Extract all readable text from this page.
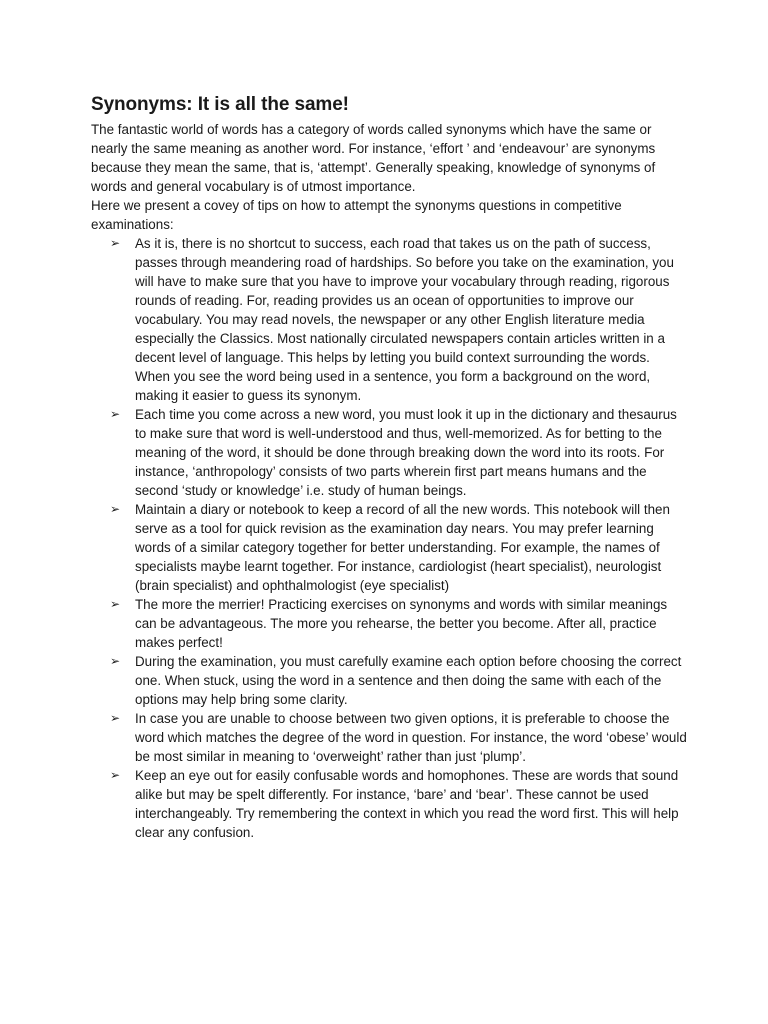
Synonyms: It is all the same!

The fantastic world of words has a category of words called synonyms which have the same or nearly the same meaning as another word. For instance, ‘effort ’ and ‘endeavour’ are synonyms because they mean the same, that is, ‘attempt’. Generally speaking, knowledge of synonyms of words and general vocabulary is of utmost importance.

Here we present a covey of tips on how to attempt the synonyms questions in competitive examinations:

➢ As it is, there is no shortcut to success, each road that takes us on the path of success, passes through meandering road of hardships. So before you take on the examination, you will have to make sure that you have to improve your vocabulary through reading, rigorous rounds of reading. For, reading provides us an ocean of opportunities to improve our vocabulary. You may read novels, the newspaper or any other English literature media especially the Classics. Most nationally circulated newspapers contain articles written in a decent level of language. This helps by letting you build context surrounding the words. When you see the word being used in a sentence, you form a background on the word, making it easier to guess its synonym.
➢ Each time you come across a new word, you must look it up in the dictionary and thesaurus to make sure that word is well-understood and thus, well-memorized. As for betting to the meaning of the word, it should be done through breaking down the word into its roots. For instance, ‘anthropology’ consists of two parts wherein first part means humans and the second ‘study or knowledge’ i.e. study of human beings.
➢ Maintain a diary or notebook to keep a record of all the new words. This notebook will then serve as a tool for quick revision as the examination day nears. You may prefer learning words of a similar category together for better understanding. For example, the names of specialists maybe learnt together. For instance, cardiologist (heart specialist), neurologist (brain specialist) and ophthalmologist (eye specialist)
➢ The more the merrier! Practicing exercises on synonyms and words with similar meanings can be advantageous. The more you rehearse, the better you become. After all, practice makes perfect!
➢ During the examination, you must carefully examine each option before choosing the correct one. When stuck, using the word in a sentence and then doing the same with each of the options may help bring some clarity.
➢ In case you are unable to choose between two given options, it is preferable to choose the word which matches the degree of the word in question. For instance, the word ‘obese’ would be most similar in meaning to ‘overweight’ rather than just ‘plump’.
➢ Keep an eye out for easily confusable words and homophones. These are words that sound alike but may be spelt differently. For instance, ‘bare’ and ‘bear’. These cannot be used interchangeably. Try remembering the context in which you read the word first. This will help clear any confusion.
